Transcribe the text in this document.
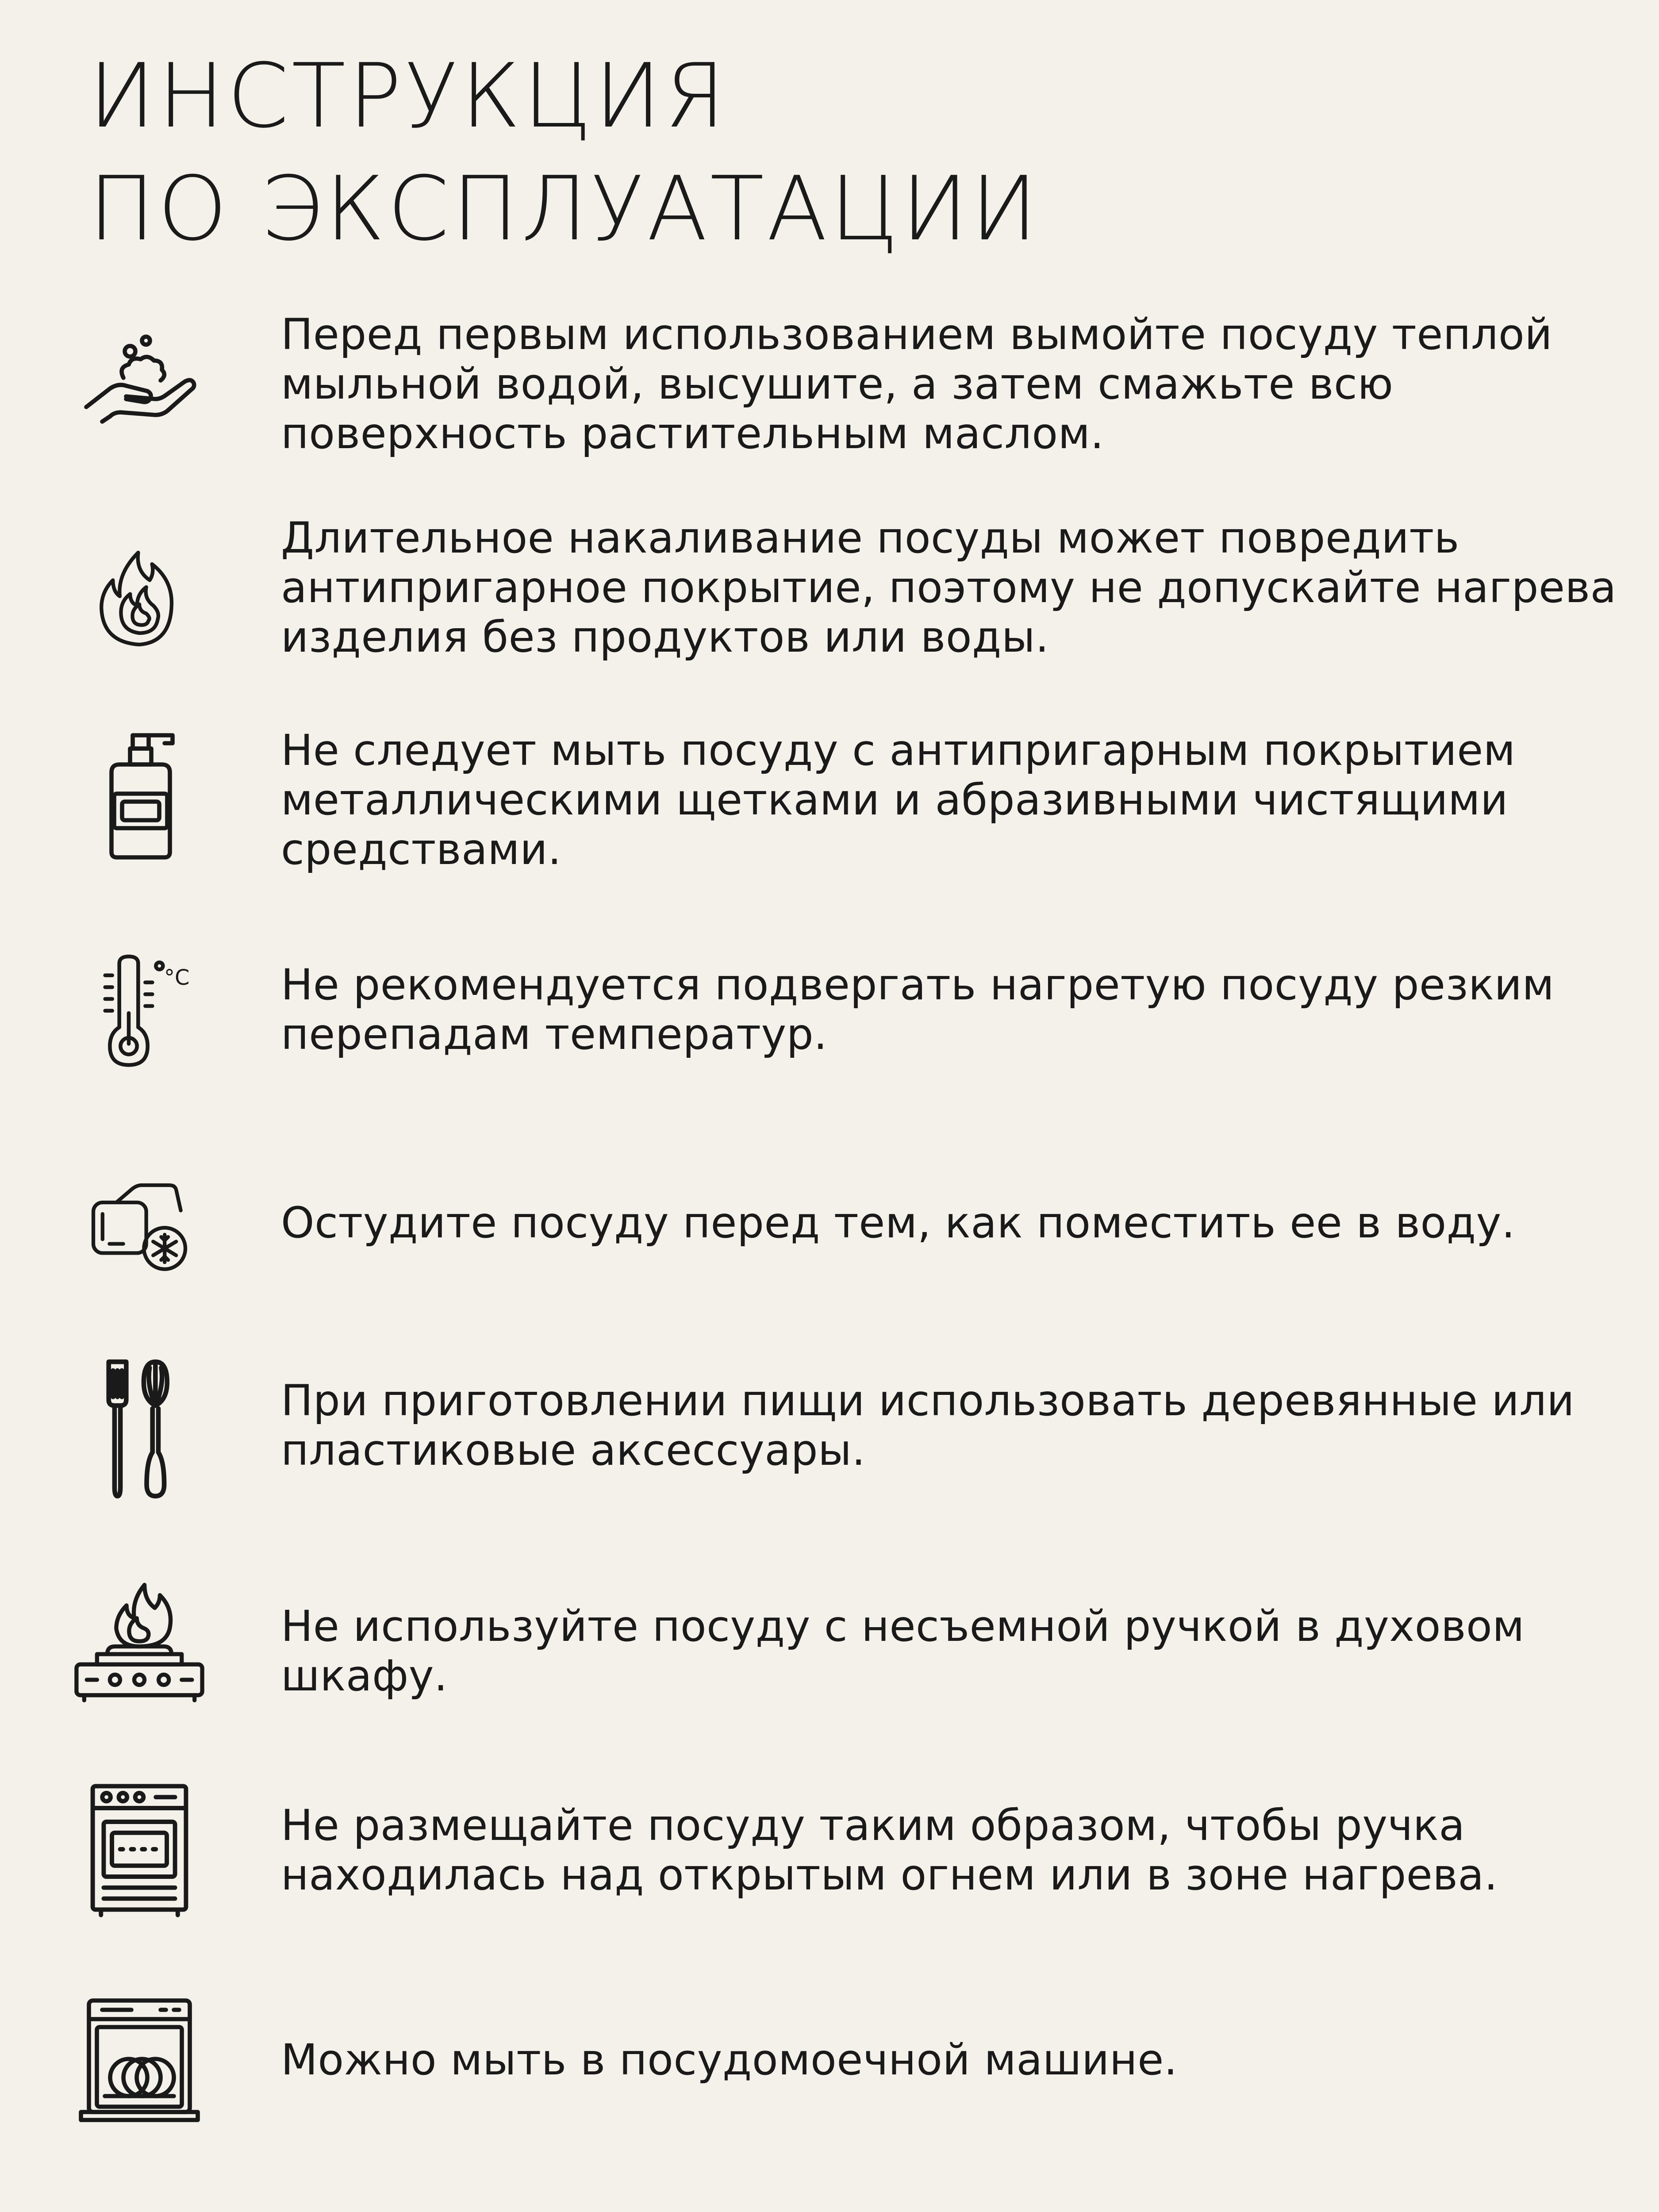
ИНСТРУКЦИЯ
ПО ЭКСПЛУАТАЦИИ
Перед первым использованием вымойте посуду теплой мыльной водой, высушите, а затем смажьте всю поверхность растительным маслом.
Длительное накаливание посуды может повредить антипригарное покрытие, поэтому не допускайте нагрева изделия без продуктов или воды.
Не следует мыть посуду с антипригарным покрытием металлическими щетками и абразивными чистящими средствами.
°C Не рекомендуется подвергать нагретую посуду резким перепадам температур.
Остудите посуду перед тем, как поместить ее в воду.
При приготовлении пищи использовать деревянные или пластиковые аксессуары.
Не используйте посуду с несъемной ручкой в духовом шкафу.
Не размещайте посуду таким образом, чтобы ручка находилась над открытым огнем или в зоне нагрева.
Можно мыть в посудомоечной машине.
